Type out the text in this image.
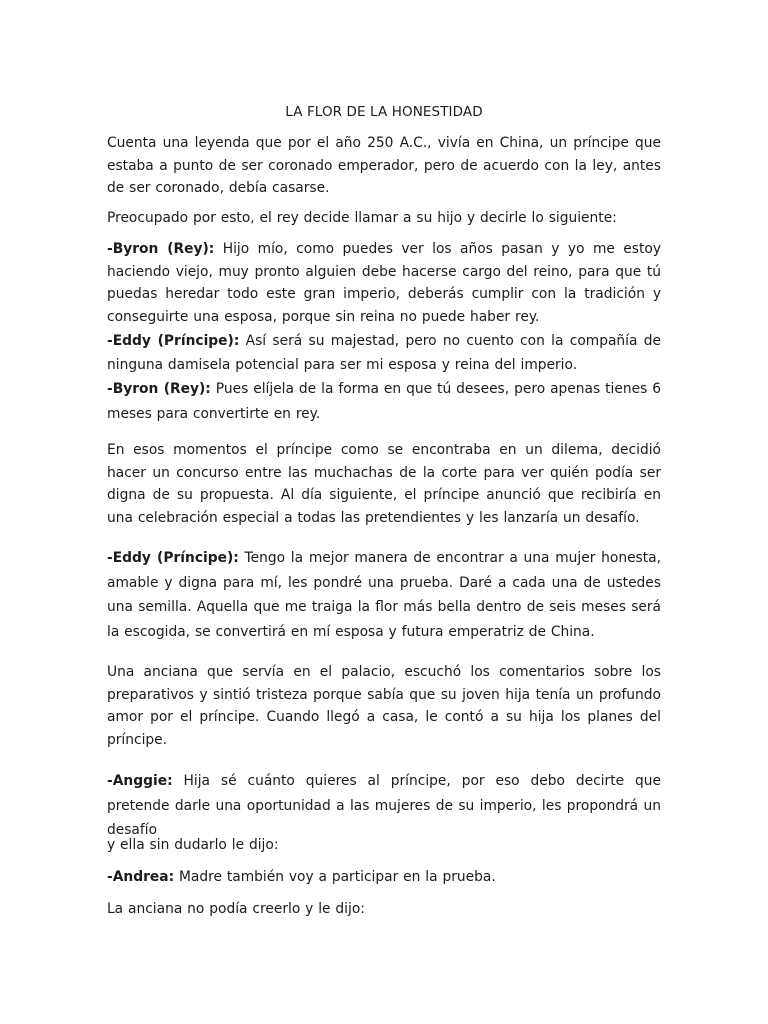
LA FLOR DE LA HONESTIDAD

Cuenta una leyenda que por el año 250 A.C., vivía en China, un príncipe que estaba a punto de ser coronado emperador, pero de acuerdo con la ley, antes de ser coronado, debía casarse.

Preocupado por esto, el rey decide llamar a su hijo y decirle lo siguiente:

-Byron (Rey): Hijo mío, como puedes ver los años pasan y yo me estoy haciendo viejo, muy pronto alguien debe hacerse cargo del reino, para que tú puedas heredar todo este gran imperio, deberás cumplir con la tradición y conseguirte una esposa, porque sin reina no puede haber rey.
-Eddy (Príncipe): Así será su majestad, pero no cuento con la compañía de ninguna damisela potencial para ser mi esposa y reina del imperio.
-Byron (Rey): Pues elíjela de la forma en que tú desees, pero apenas tienes 6 meses para convertirte en rey.

En esos momentos el príncipe como se encontraba en un dilema, decidió hacer un concurso entre las muchachas de la corte para ver quién podía ser digna de su propuesta. Al día siguiente, el príncipe anunció que recibiría en una celebración especial a todas las pretendientes y les lanzaría un desafío.

-Eddy (Príncipe): Tengo la mejor manera de encontrar a una mujer honesta, amable y digna para mí, les pondré una prueba. Daré a cada una de ustedes una semilla. Aquella que me traiga la flor más bella dentro de seis meses será la escogida, se convertirá en mí esposa y futura emperatriz de China.

Una anciana que servía en el palacio, escuchó los comentarios sobre los preparativos y sintió tristeza porque sabía que su joven hija tenía un profundo amor por el príncipe. Cuando llegó a casa, le contó a su hija los planes del príncipe.

-Anggie: Hija sé cuánto quieres al príncipe, por eso debo decirte que pretende darle una oportunidad a las mujeres de su imperio, les propondrá un desafío

y ella sin dudarlo le dijo:

-Andrea: Madre también voy a participar en la prueba.

La anciana no podía creerlo y le dijo:
